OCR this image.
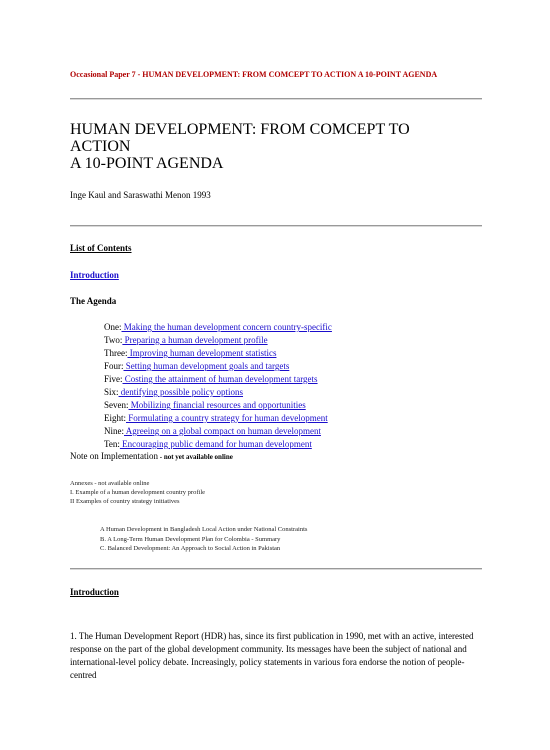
Occasional Paper 7 - HUMAN DEVELOPMENT: FROM COMCEPT TO ACTION A 10-POINT AGENDA
HUMAN DEVELOPMENT: FROM COMCEPT TO
ACTION
A 10-POINT AGENDA
Inge Kaul and Saraswathi Menon 1993
List of Contents
Introduction
The Agenda
One: Making the human development concern country-specific
Two: Preparing a human development profile
Three: Improving human development statistics
Four: Setting human development goals and targets
Five: Costing the attainment of human development targets
Six: dentifying possible policy options
Seven: Mobilizing financial resources and opportunities
Eight: Formulating a country strategy for human development
Nine: Agreeing on a global compact on human development
Ten: Encouraging public demand for human development
Note on Implementation - not yet available online
Annexes - not available online
I. Example of a human development country profile
II Examples of country strategy initiatives
A Human Development in Bangladesh Local Action under National Constraints
B. A Long-Term Human Development Plan for Colombia - Summary
C. Balanced Development: An Approach to Social Action in Pakistan
Introduction

1. The Human Development Report (HDR) has, since its first publication in 1990, met with an active, interested response on the part of the global development community. Its messages have been the subject of national and international-level policy debate. Increasingly, policy statements in various fora endorse the notion of people-centred
